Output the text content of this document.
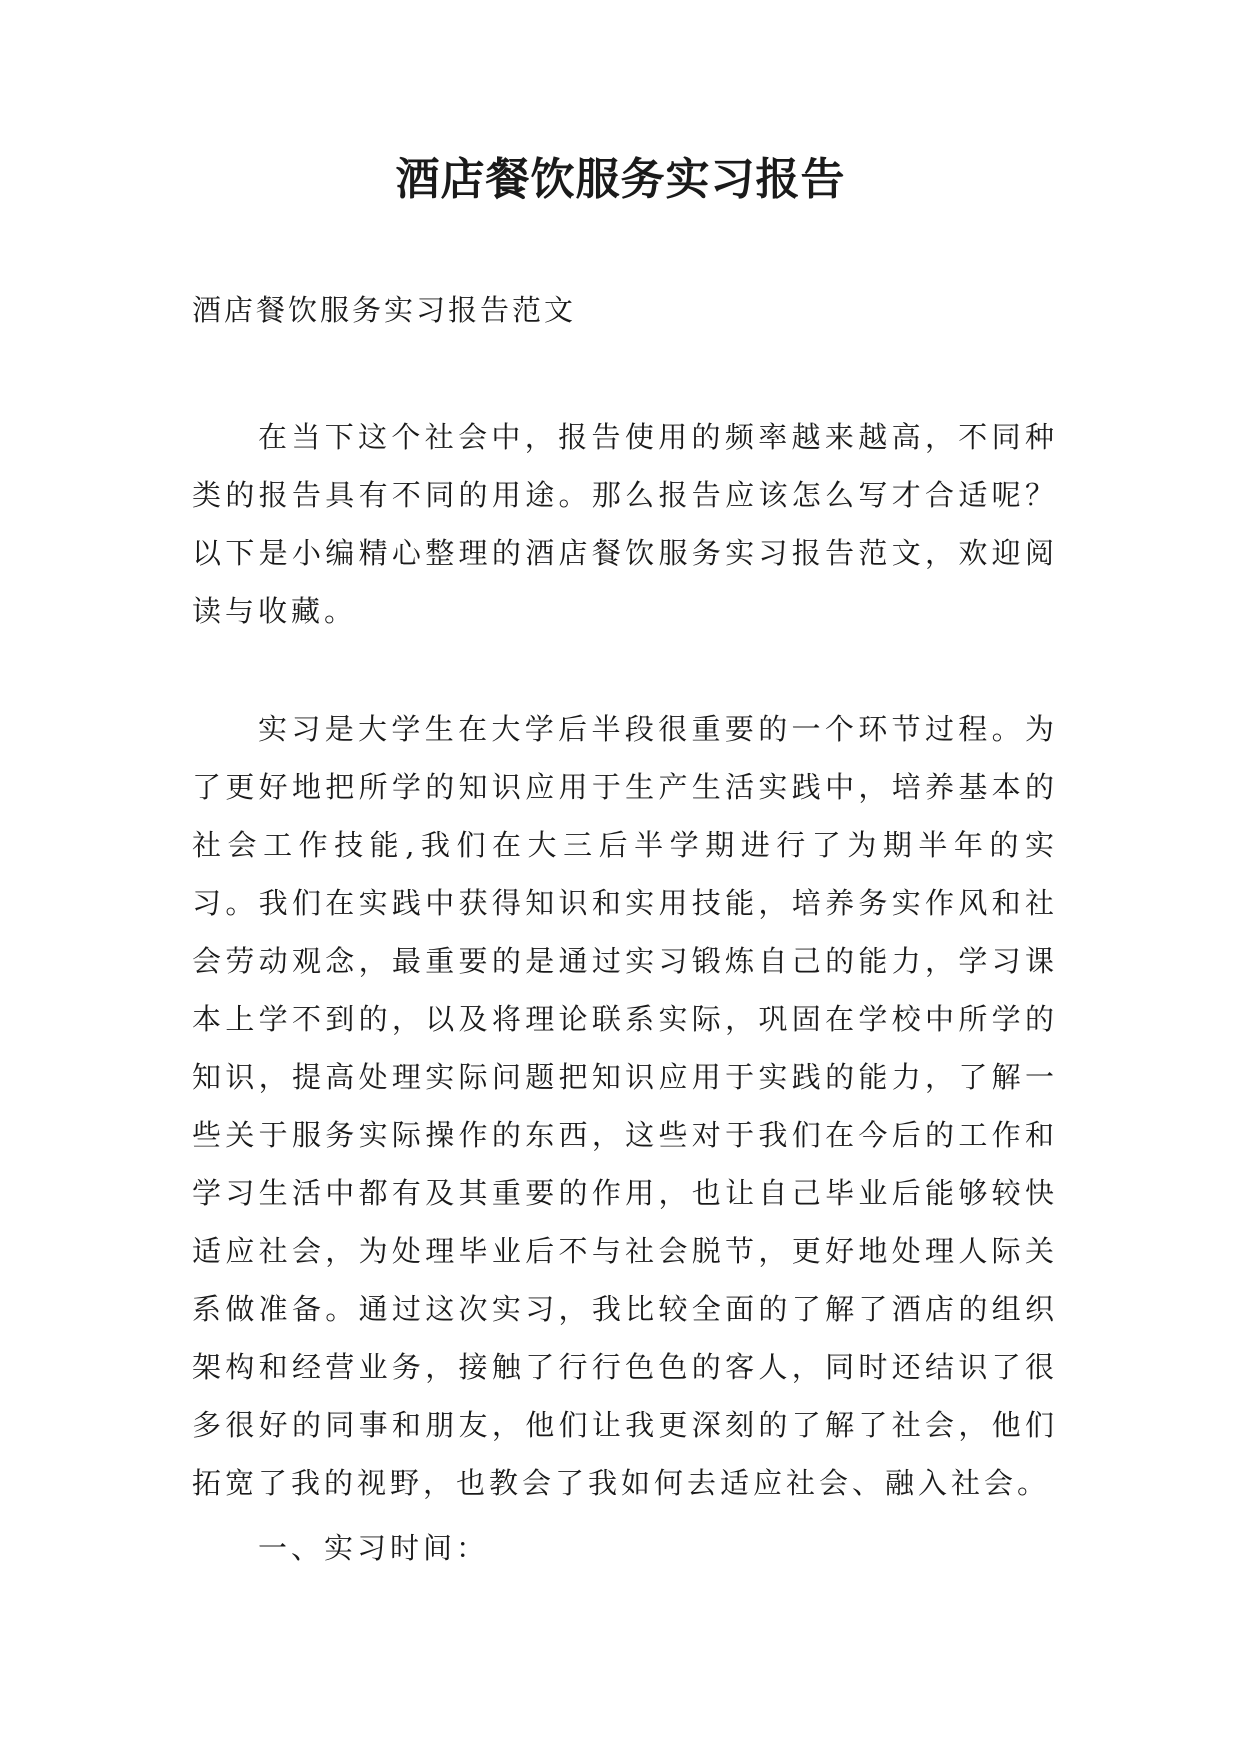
酒店餐饮服务实习报告

酒店餐饮服务实习报告范文

在当下这个社会中，报告使用的频率越来越高，不同种类的报告具有不同的用途。那么报告应该怎么写才合适呢？以下是小编精心整理的酒店餐饮服务实习报告范文，欢迎阅读与收藏。

实习是大学生在大学后半段很重要的一个环节过程。为了更好地把所学的知识应用于生产生活实践中，培养基本的社会工作技能,我们在大三后半学期进行了为期半年的实习。我们在实践中获得知识和实用技能，培养务实作风和社会劳动观念，最重要的是通过实习锻炼自己的能力，学习课本上学不到的，以及将理论联系实际，巩固在学校中所学的知识，提高处理实际问题把知识应用于实践的能力，了解一些关于服务实际操作的东西，这些对于我们在今后的工作和学习生活中都有及其重要的作用，也让自己毕业后能够较快适应社会，为处理毕业后不与社会脱节，更好地处理人际关系做准备。通过这次实习，我比较全面的了解了酒店的组织架构和经营业务，接触了行行色色的客人，同时还结识了很多很好的同事和朋友，他们让我更深刻的了解了社会，他们拓宽了我的视野，也教会了我如何去适应社会、融入社会。

一、实习时间：
